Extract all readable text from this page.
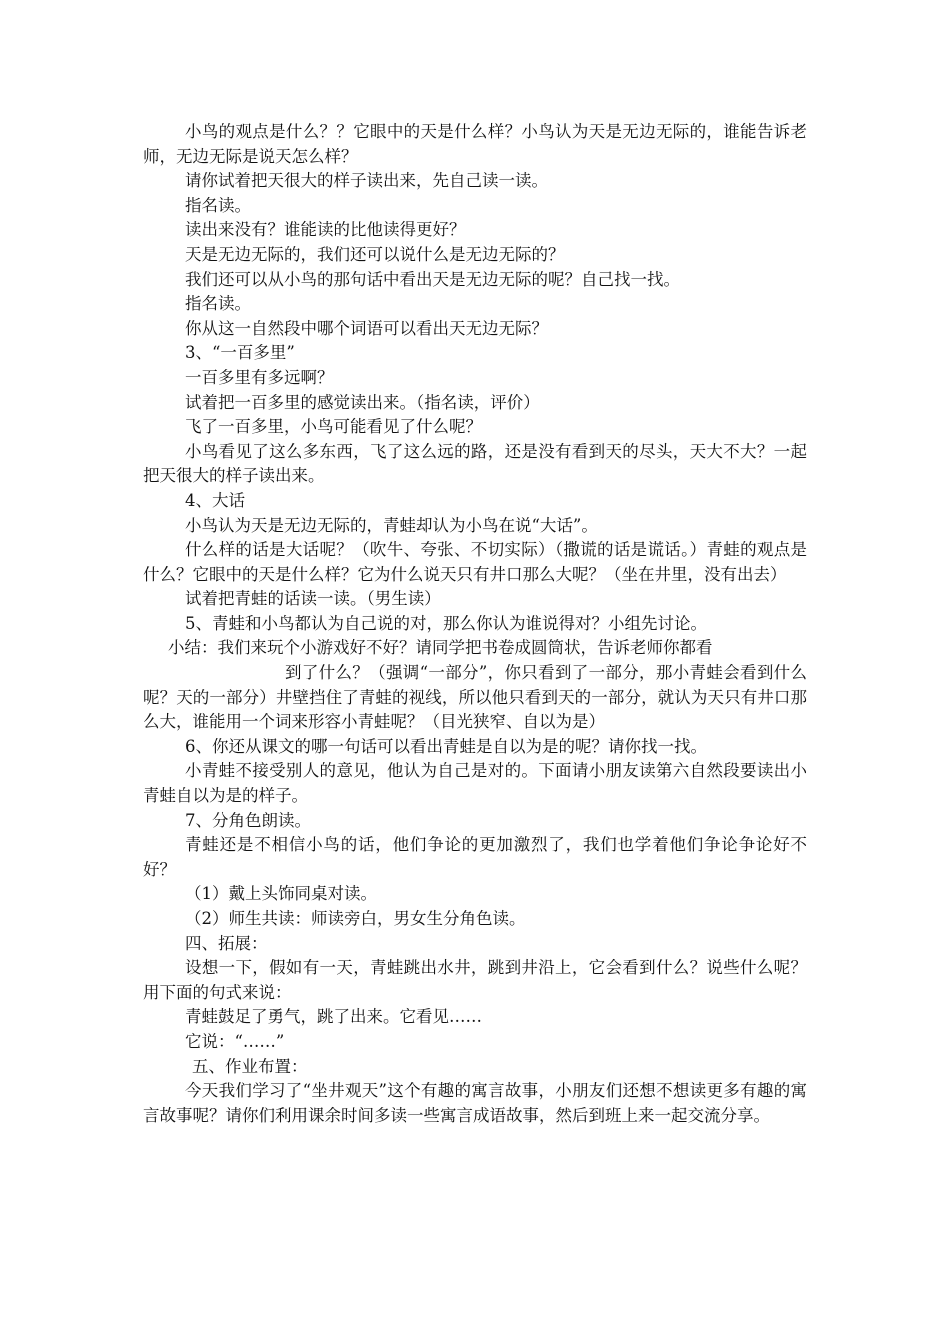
小鸟的观点是什么？？它眼中的天是什么样？小鸟认为天是无边无际的，谁能告诉老师，无边无际是说天怎么样？

请你试着把天很大的样子读出来，先自己读一读。

指名读。

读出来没有？谁能读的比他读得更好？

天是无边无际的，我们还可以说什么是无边无际的？

我们还可以从小鸟的那句话中看出天是无边无际的呢？自己找一找。

指名读。

你从这一自然段中哪个词语可以看出天无边无际？

3、“一百多里”

一百多里有多远啊？

试着把一百多里的感觉读出来。（指名读，评价）

飞了一百多里，小鸟可能看见了什么呢？

小鸟看见了这么多东西，飞了这么远的路，还是没有看到天的尽头，天大不大？一起把天很大的样子读出来。

4、大话

小鸟认为天是无边无际的，青蛙却认为小鸟在说“大话”。

什么样的话是大话呢？（吹牛、夸张、不切实际）（撒谎的话是谎话。）青蛙的观点是什么？它眼中的天是什么样？它为什么说天只有井口那么大呢？（坐在井里，没有出去）

试着把青蛙的话读一读。（男生读）

5、青蛙和小鸟都认为自己说的对，那么你认为谁说得对？小组先讨论。

小结：我们来玩个小游戏好不好？请同学把书卷成圆筒状，告诉老师你都看

到了什么？（强调“一部分”，你只看到了一部分，那小青蛙会看到什么呢？天的一部分）井壁挡住了青蛙的视线，所以他只看到天的一部分，就认为天只有井口那么大，谁能用一个词来形容小青蛙呢？（目光狭窄、自以为是）

6、你还从课文的哪一句话可以看出青蛙是自以为是的呢？请你找一找。

小青蛙不接受别人的意见，他认为自己是对的。下面请小朋友读第六自然段要读出小青蛙自以为是的样子。

7、分角色朗读。

青蛙还是不相信小鸟的话，他们争论的更加激烈了，我们也学着他们争论争论好不好？

（1）戴上头饰同桌对读。

（2）师生共读：师读旁白，男女生分角色读。

四、拓展：

设想一下，假如有一天，青蛙跳出水井，跳到井沿上，它会看到什么？说些什么呢？用下面的句式来说：

青蛙鼓足了勇气，跳了出来。它看见……

它说：“……”

五、作业布置：

今天我们学习了“坐井观天”这个有趣的寓言故事，小朋友们还想不想读更多有趣的寓言故事呢？请你们利用课余时间多读一些寓言成语故事，然后到班上来一起交流分享。
